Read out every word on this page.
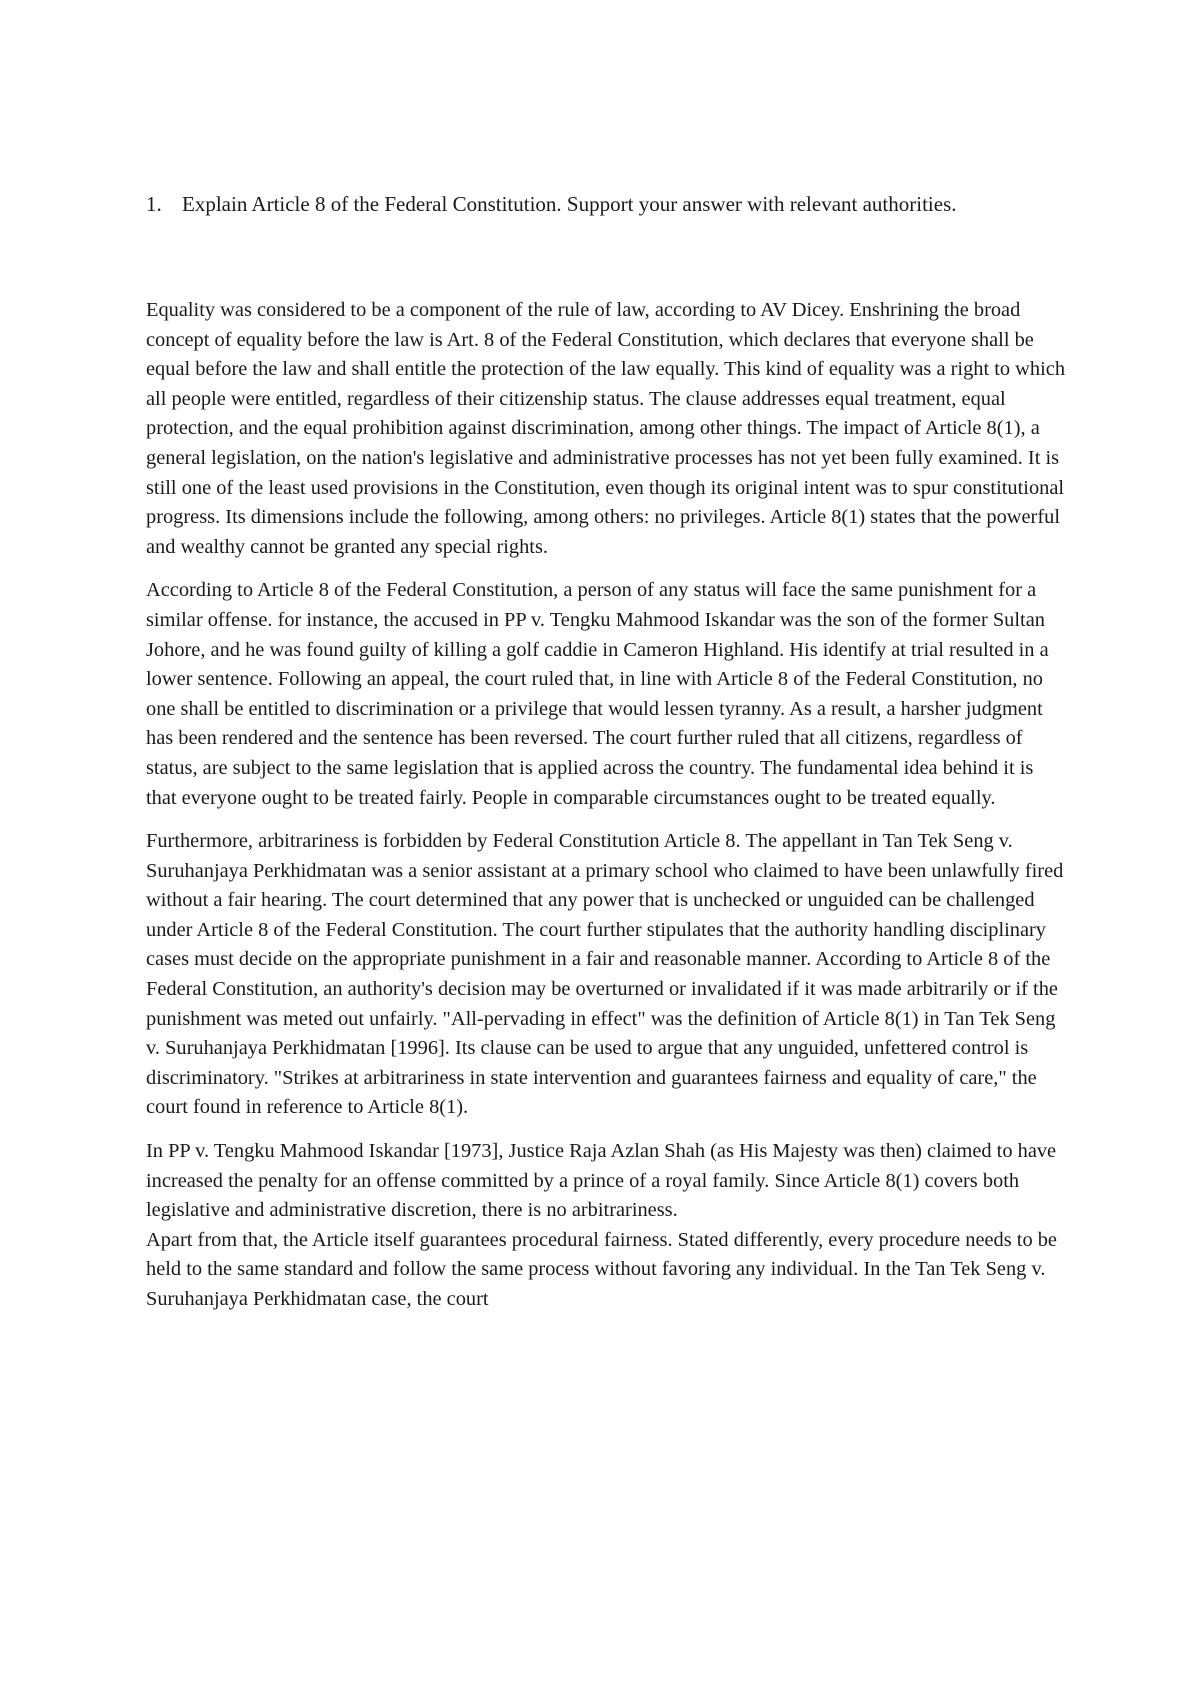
1. Explain Article 8 of the Federal Constitution. Support your answer with relevant authorities.

Equality was considered to be a component of the rule of law, according to AV Dicey. Enshrining the broad concept of equality before the law is Art. 8 of the Federal Constitution, which declares that everyone shall be equal before the law and shall entitle the protection of the law equally. This kind of equality was a right to which all people were entitled, regardless of their citizenship status. The clause addresses equal treatment, equal protection, and the equal prohibition against discrimination, among other things. The impact of Article 8(1), a general legislation, on the nation's legislative and administrative processes has not yet been fully examined. It is still one of the least used provisions in the Constitution, even though its original intent was to spur constitutional progress. Its dimensions include the following, among others: no privileges. Article 8(1) states that the powerful and wealthy cannot be granted any special rights.

According to Article 8 of the Federal Constitution, a person of any status will face the same punishment for a similar offense. for instance, the accused in PP v. Tengku Mahmood Iskandar was the son of the former Sultan Johore, and he was found guilty of killing a golf caddie in Cameron Highland. His identify at trial resulted in a lower sentence. Following an appeal, the court ruled that, in line with Article 8 of the Federal Constitution, no one shall be entitled to discrimination or a privilege that would lessen tyranny. As a result, a harsher judgment has been rendered and the sentence has been reversed. The court further ruled that all citizens, regardless of status, are subject to the same legislation that is applied across the country. The fundamental idea behind it is that everyone ought to be treated fairly. People in comparable circumstances ought to be treated equally.

Furthermore, arbitrariness is forbidden by Federal Constitution Article 8. The appellant in Tan Tek Seng v. Suruhanjaya Perkhidmatan was a senior assistant at a primary school who claimed to have been unlawfully fired without a fair hearing. The court determined that any power that is unchecked or unguided can be challenged under Article 8 of the Federal Constitution. The court further stipulates that the authority handling disciplinary cases must decide on the appropriate punishment in a fair and reasonable manner. According to Article 8 of the Federal Constitution, an authority's decision may be overturned or invalidated if it was made arbitrarily or if the punishment was meted out unfairly. "All-pervading in effect" was the definition of Article 8(1) in Tan Tek Seng v. Suruhanjaya Perkhidmatan [1996]. Its clause can be used to argue that any unguided, unfettered control is discriminatory. "Strikes at arbitrariness in state intervention and guarantees fairness and equality of care," the court found in reference to Article 8(1).

In PP v. Tengku Mahmood Iskandar [1973], Justice Raja Azlan Shah (as His Majesty was then) claimed to have increased the penalty for an offense committed by a prince of a royal family. Since Article 8(1) covers both legislative and administrative discretion, there is no arbitrariness.

Apart from that, the Article itself guarantees procedural fairness. Stated differently, every procedure needs to be held to the same standard and follow the same process without favoring any individual. In the Tan Tek Seng v. Suruhanjaya Perkhidmatan case, the court
